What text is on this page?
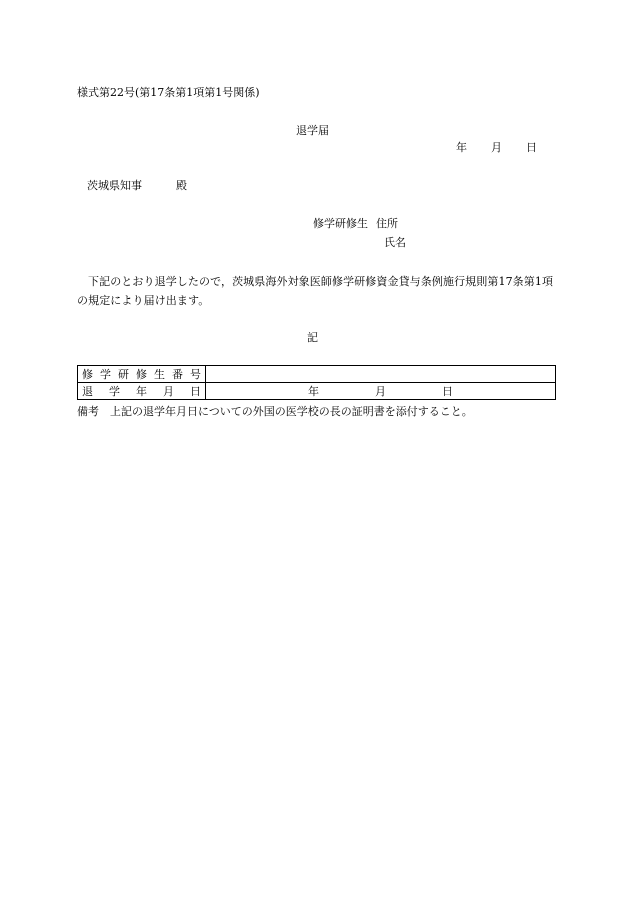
様式第22号(第17条第1項第1号関係)
退学届
年 月 日
茨城県知事	殿
修学研修生 住所
氏名
下記のとおり退学したので，茨城県海外対象医師修学研修資金貸与条例施行規則第17条第1項の規定により届け出ます。
記
修学研修生番号	
退学年月日	年 月 日
備考 上記の退学年月日についての外国の医学校の長の証明書を添付すること。
